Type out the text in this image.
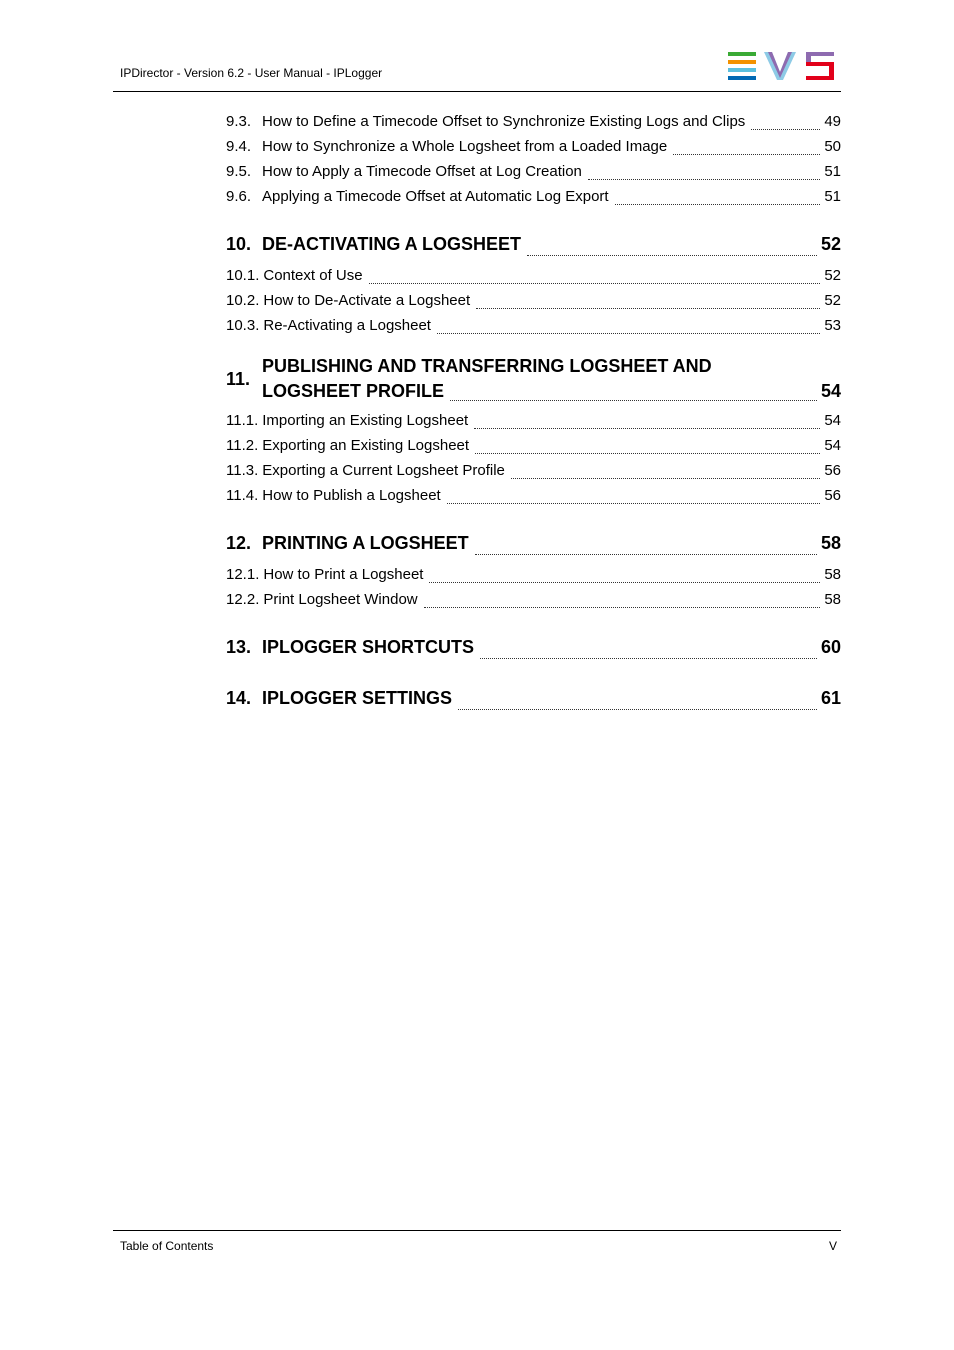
IPDirector - Version 6.2 - User Manual - IPLogger
9.3. How to Define a Timecode Offset to Synchronize Existing Logs and Clips	49
9.4. How to Synchronize a Whole Logsheet from a Loaded Image	50
9.5. How to Apply a Timecode Offset at Log Creation	51
9.6. Applying a Timecode Offset at Automatic Log Export	51
10. DE-ACTIVATING A LOGSHEET	52
10.1. Context of Use	52
10.2. How to De-Activate a Logsheet	52
10.3. Re-Activating a Logsheet	53
11.
PUBLISHING AND TRANSFERRING LOGSHEET AND
LOGSHEET PROFILE	54
11.1. Importing an Existing Logsheet	54
11.2. Exporting an Existing Logsheet	54
11.3. Exporting a Current Logsheet Profile	56
11.4. How to Publish a Logsheet	56
12. PRINTING A LOGSHEET	58
12.1. How to Print a Logsheet	58
12.2. Print Logsheet Window	58
13. IPLOGGER SHORTCUTS	60
14. IPLOGGER SETTINGS	61
Table of Contents	V
